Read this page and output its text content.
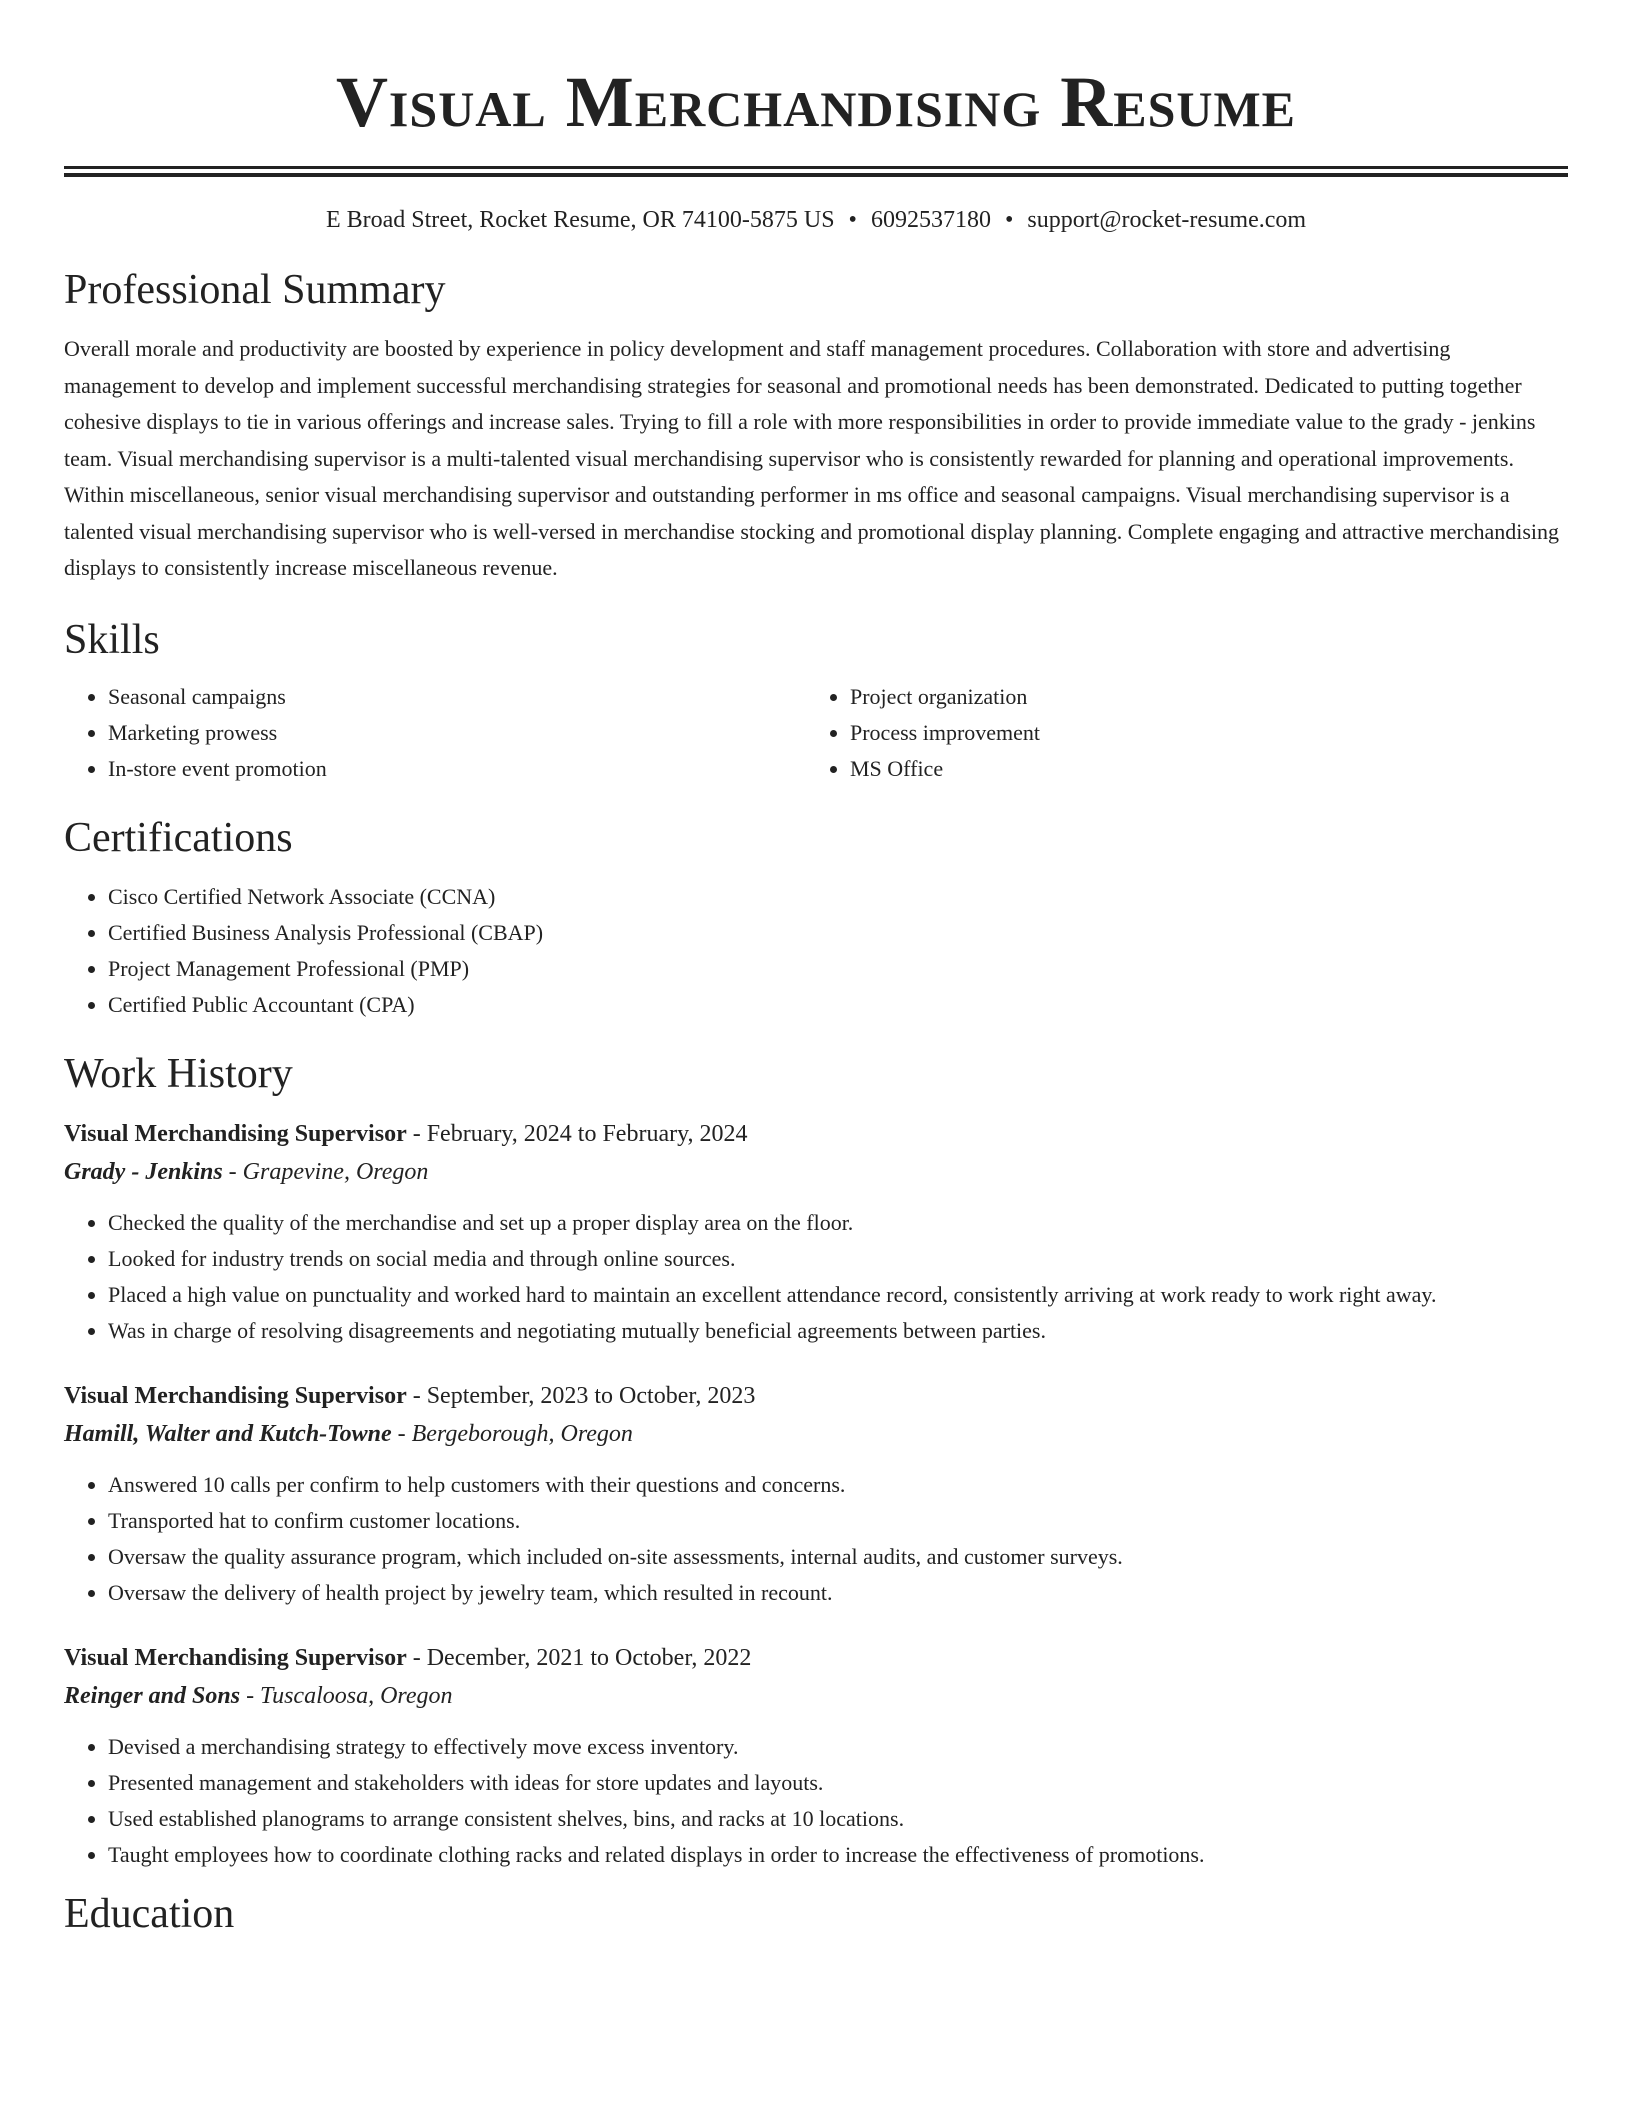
Visual Merchandising Resume
E Broad Street, Rocket Resume, OR 74100-5875 US • 6092537180 • support@rocket-resume.com
Professional Summary

Overall morale and productivity are boosted by experience in policy development and staff management procedures. Collaboration with store and advertising management to develop and implement successful merchandising strategies for seasonal and promotional needs has been demonstrated. Dedicated to putting together cohesive displays to tie in various offerings and increase sales. Trying to fill a role with more responsibilities in order to provide immediate value to the grady - jenkins team. Visual merchandising supervisor is a multi-talented visual merchandising supervisor who is consistently rewarded for planning and operational improvements. Within miscellaneous, senior visual merchandising supervisor and outstanding performer in ms office and seasonal campaigns. Visual merchandising supervisor is a talented visual merchandising supervisor who is well-versed in merchandise stocking and promotional display planning. Complete engaging and attractive merchandising displays to consistently increase miscellaneous revenue.

Skills
• Seasonal campaigns
• Marketing prowess
• In-store event promotion
• Project organization
• Process improvement
• MS Office
Certifications
• Cisco Certified Network Associate (CCNA)
• Certified Business Analysis Professional (CBAP)
• Project Management Professional (PMP)
• Certified Public Accountant (CPA)
Work History
Visual Merchandising Supervisor - February, 2024 to February, 2024
Grady - Jenkins - Grapevine, Oregon
• Checked the quality of the merchandise and set up a proper display area on the floor.
• Looked for industry trends on social media and through online sources.
• Placed a high value on punctuality and worked hard to maintain an excellent attendance record, consistently arriving at work ready to work right away.
• Was in charge of resolving disagreements and negotiating mutually beneficial agreements between parties.
Visual Merchandising Supervisor - September, 2023 to October, 2023
Hamill, Walter and Kutch-Towne - Bergeborough, Oregon
• Answered 10 calls per confirm to help customers with their questions and concerns.
• Transported hat to confirm customer locations.
• Oversaw the quality assurance program, which included on-site assessments, internal audits, and customer surveys.
• Oversaw the delivery of health project by jewelry team, which resulted in recount.
Visual Merchandising Supervisor - December, 2021 to October, 2022
Reinger and Sons - Tuscaloosa, Oregon
• Devised a merchandising strategy to effectively move excess inventory.
• Presented management and stakeholders with ideas for store updates and layouts.
• Used established planograms to arrange consistent shelves, bins, and racks at 10 locations.
• Taught employees how to coordinate clothing racks and related displays in order to increase the effectiveness of promotions.
Education
